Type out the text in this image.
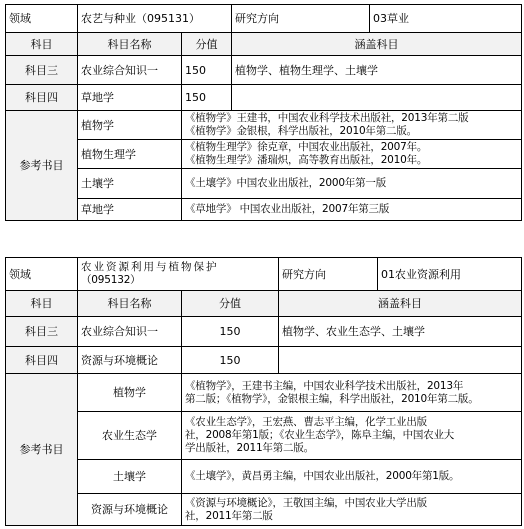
领域	农艺与种业（095131）		研究方向	03草业
科目	科目名称	分值	涵盖科目	
科目三	农业综合知识一	150	植物学、植物生理学、土壤学	
科目四	草地学	150		
参考书目	植物学	《植物学》王建书，中国农业科学技术出版社，2013年第二版
《植物学》金银根，科学出版社，2010年第二版。		

	植物生理学	《植物生理学》徐克章，中国农业出版社，2007年。
《植物生理学》潘瑞炽，高等教育出版社，2010年。		

	土壤学	《土壤学》中国农业出版社，2000年第一版		

	草地学	《草地学》 中国农业出版社，2007年第三版		
领域	农业资源利用与植物保护
（095132）		研究方向	01农业资源利用
科目	科目名称	分值	涵盖科目	
科目三	农业综合知识一	150	植物学、农业生态学、土壤学	
科目四	资源与环境概论	150		
参考书目	植物学	《植物学》，王建书主编，中国农业科学技术出版社，2013年
第二版；《植物学》，金银根主编，科学出版社，2010年第二版。		

	农业生态学	《农业生态学》，王宏燕、曹志平主编，化学工业出版
社，2008年第1版；《农业生态学》，陈阜主编，中国农业大
学出版社，2011年第二版。		

	土壤学	《土壤学》，黄昌勇主编，中国农业出版社，2000年第1版。		

	资源与环境概论	《资源与环境概论》，王敬国主编，中国农业大学出版
社，2011年第二版		
